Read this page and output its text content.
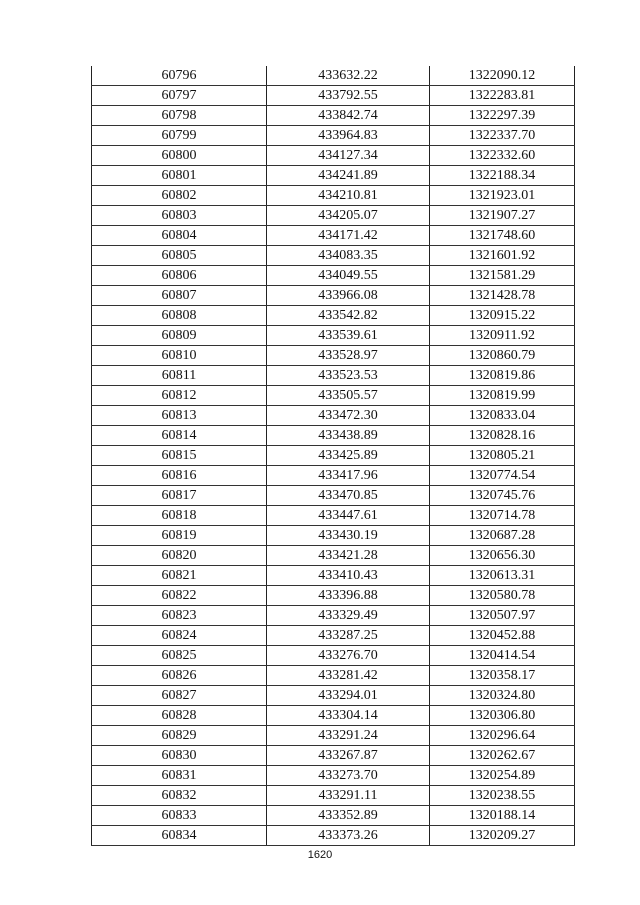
60796	433632.22	1322090.12
60797	433792.55	1322283.81
60798	433842.74	1322297.39
60799	433964.83	1322337.70
60800	434127.34	1322332.60
60801	434241.89	1322188.34
60802	434210.81	1321923.01
60803	434205.07	1321907.27
60804	434171.42	1321748.60
60805	434083.35	1321601.92
60806	434049.55	1321581.29
60807	433966.08	1321428.78
60808	433542.82	1320915.22
60809	433539.61	1320911.92
60810	433528.97	1320860.79
60811	433523.53	1320819.86
60812	433505.57	1320819.99
60813	433472.30	1320833.04
60814	433438.89	1320828.16
60815	433425.89	1320805.21
60816	433417.96	1320774.54
60817	433470.85	1320745.76
60818	433447.61	1320714.78
60819	433430.19	1320687.28
60820	433421.28	1320656.30
60821	433410.43	1320613.31
60822	433396.88	1320580.78
60823	433329.49	1320507.97
60824	433287.25	1320452.88
60825	433276.70	1320414.54
60826	433281.42	1320358.17
60827	433294.01	1320324.80
60828	433304.14	1320306.80
60829	433291.24	1320296.64
60830	433267.87	1320262.67
60831	433273.70	1320254.89
60832	433291.11	1320238.55
60833	433352.89	1320188.14
60834	433373.26	1320209.27
1620
